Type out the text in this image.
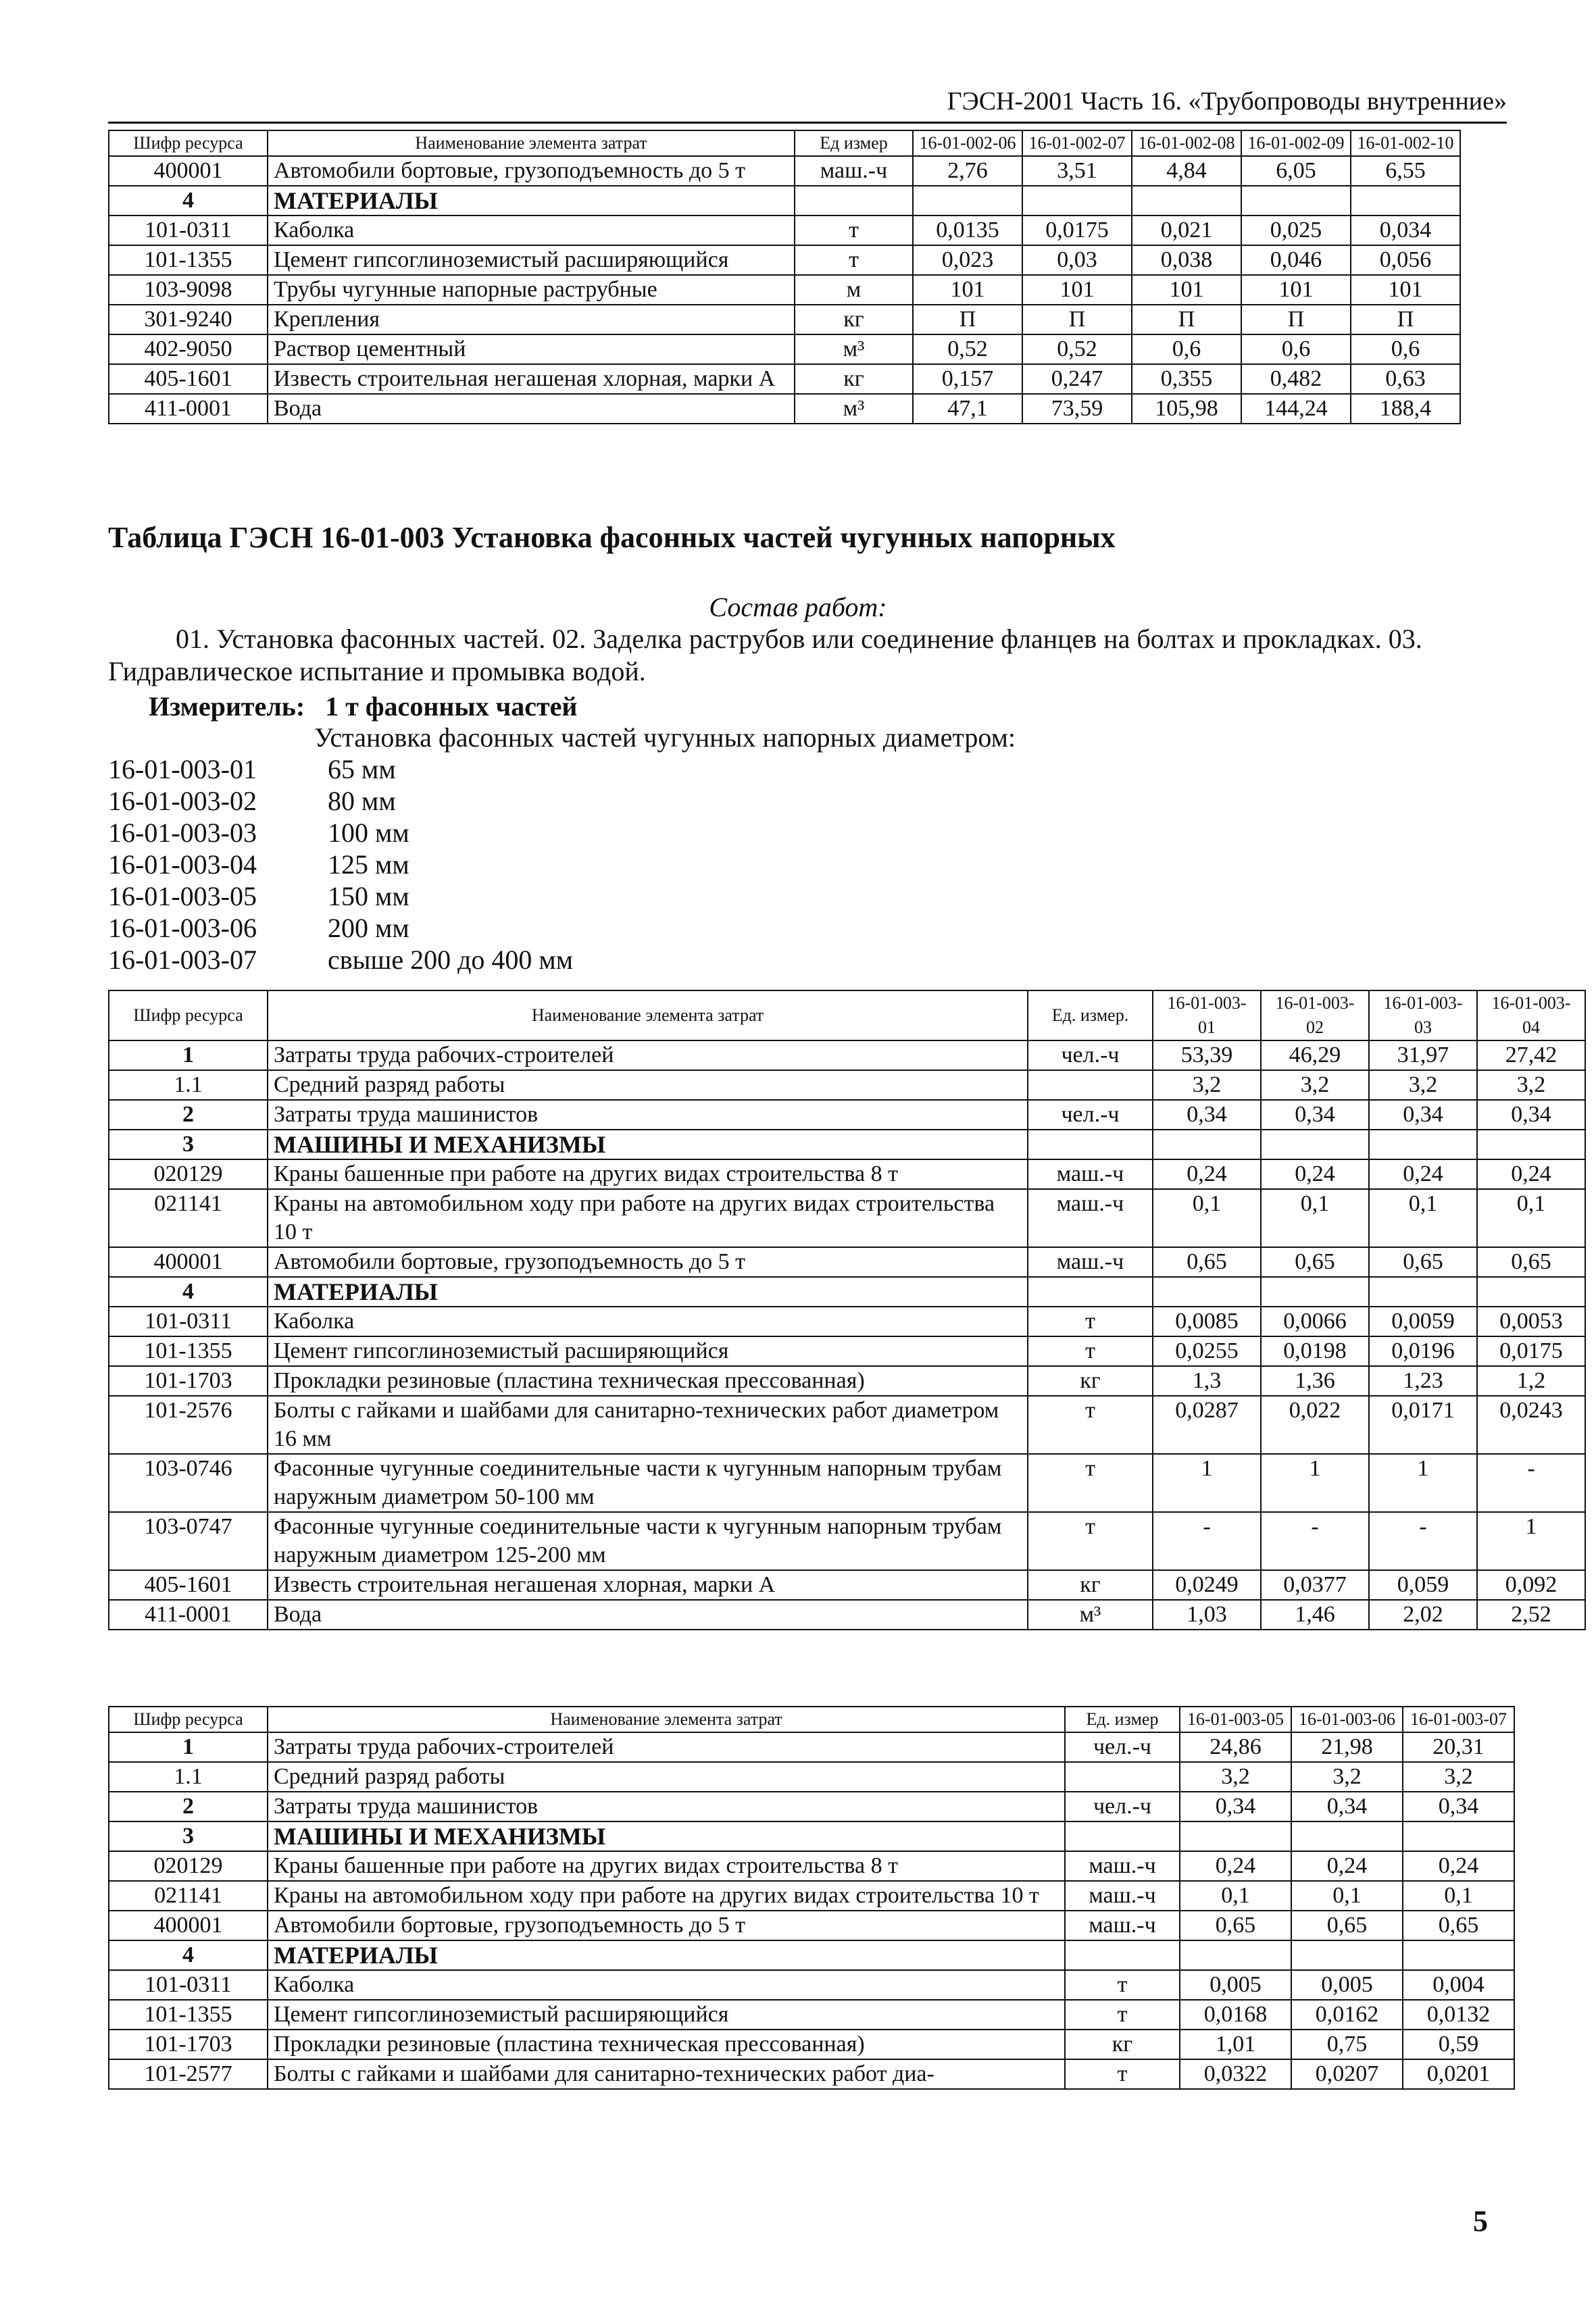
ГЭСН-2001 Часть 16. «Трубопроводы внутренние»
Шифр ресурса	Наименование элемента затрат	Ед измер	16-01-002-06	16-01-002-07	16-01-002-08	16-01-002-09	16-01-002-10
400001	Автомобили бортовые, грузоподъемность до 5 т	маш.-ч	2,76	3,51	4,84	6,05	6,55
4	МАТЕРИАЛЫ						
101-0311	Каболка	т	0,0135	0,0175	0,021	0,025	0,034
101-1355	Цемент гипсоглиноземистый расширяющийся	т	0,023	0,03	0,038	0,046	0,056
103-9098	Трубы чугунные напорные раструбные	м	101	101	101	101	101
301-9240	Крепления	кг	П	П	П	П	П
402-9050	Раствор цементный	м³	0,52	0,52	0,6	0,6	0,6
405-1601	Известь строительная негашеная хлорная, марки А	кг	0,157	0,247	0,355	0,482	0,63
411-0001	Вода	м³	47,1	73,59	105,98	144,24	188,4
Таблица ГЭСН 16-01-003 Установка фасонных частей чугунных напорных
Состав работ:
01. Установка фасонных частей. 02. Заделка раструбов или соединение фланцев на болтах и прокладках. 03. Гидравлическое испытание и промывка водой.
Измеритель: 1 т фасонных частей
Установка фасонных частей чугунных напорных диаметром:
16-01-003-01	65 мм
16-01-003-02	80 мм
16-01-003-03	100 мм
16-01-003-04	125 мм
16-01-003-05	150 мм
16-01-003-06	200 мм
16-01-003-07	свыше 200 до 400 мм
Шифр ресурса	Наименование элемента затрат	Ед. измер.	16-01-003-01	16-01-003-02	16-01-003-03	16-01-003-04
1	Затраты труда рабочих-строителей	чел.-ч	53,39	46,29	31,97	27,42
1.1	Средний разряд работы		3,2	3,2	3,2	3,2
2	Затраты труда машинистов	чел.-ч	0,34	0,34	0,34	0,34
3	МАШИНЫ И МЕХАНИЗМЫ					
020129	Краны башенные при работе на других видах строительства 8 т	маш.-ч	0,24	0,24	0,24	0,24
021141	Краны на автомобильном ходу при работе на других видах строительства 10 т	маш.-ч	0,1	0,1	0,1	0,1
400001	Автомобили бортовые, грузоподъемность до 5 т	маш.-ч	0,65	0,65	0,65	0,65
4	МАТЕРИАЛЫ					
101-0311	Каболка	т	0,0085	0,0066	0,0059	0,0053
101-1355	Цемент гипсоглиноземистый расширяющийся	т	0,0255	0,0198	0,0196	0,0175
101-1703	Прокладки резиновые (пластина техническая прессованная)	кг	1,3	1,36	1,23	1,2
101-2576	Болты с гайками и шайбами для санитарно-технических работ диаметром 16 мм	т	0,0287	0,022	0,0171	0,0243
103-0746	Фасонные чугунные соединительные части к чугунным напорным трубам наружным диаметром 50-100 мм	т	1	1	1	-
103-0747	Фасонные чугунные соединительные части к чугунным напорным трубам наружным диаметром 125-200 мм	т	-	-	-	1
405-1601	Известь строительная негашеная хлорная, марки А	кг	0,0249	0,0377	0,059	0,092
411-0001	Вода	м³	1,03	1,46	2,02	2,52
Шифр ресурса	Наименование элемента затрат	Ед. измер	16-01-003-05	16-01-003-06	16-01-003-07
1	Затраты труда рабочих-строителей	чел.-ч	24,86	21,98	20,31
1.1	Средний разряд работы		3,2	3,2	3,2
2	Затраты труда машинистов	чел.-ч	0,34	0,34	0,34
3	МАШИНЫ И МЕХАНИЗМЫ				
020129	Краны башенные при работе на других видах строительства 8 т	маш.-ч	0,24	0,24	0,24
021141	Краны на автомобильном ходу при работе на других видах строительства 10 т	маш.-ч	0,1	0,1	0,1
400001	Автомобили бортовые, грузоподъемность до 5 т	маш.-ч	0,65	0,65	0,65
4	МАТЕРИАЛЫ				
101-0311	Каболка	т	0,005	0,005	0,004
101-1355	Цемент гипсоглиноземистый расширяющийся	т	0,0168	0,0162	0,0132
101-1703	Прокладки резиновые (пластина техническая прессованная)	кг	1,01	0,75	0,59
101-2577	Болты с гайками и шайбами для санитарно-технических работ диа-	т	0,0322	0,0207	0,0201
5
